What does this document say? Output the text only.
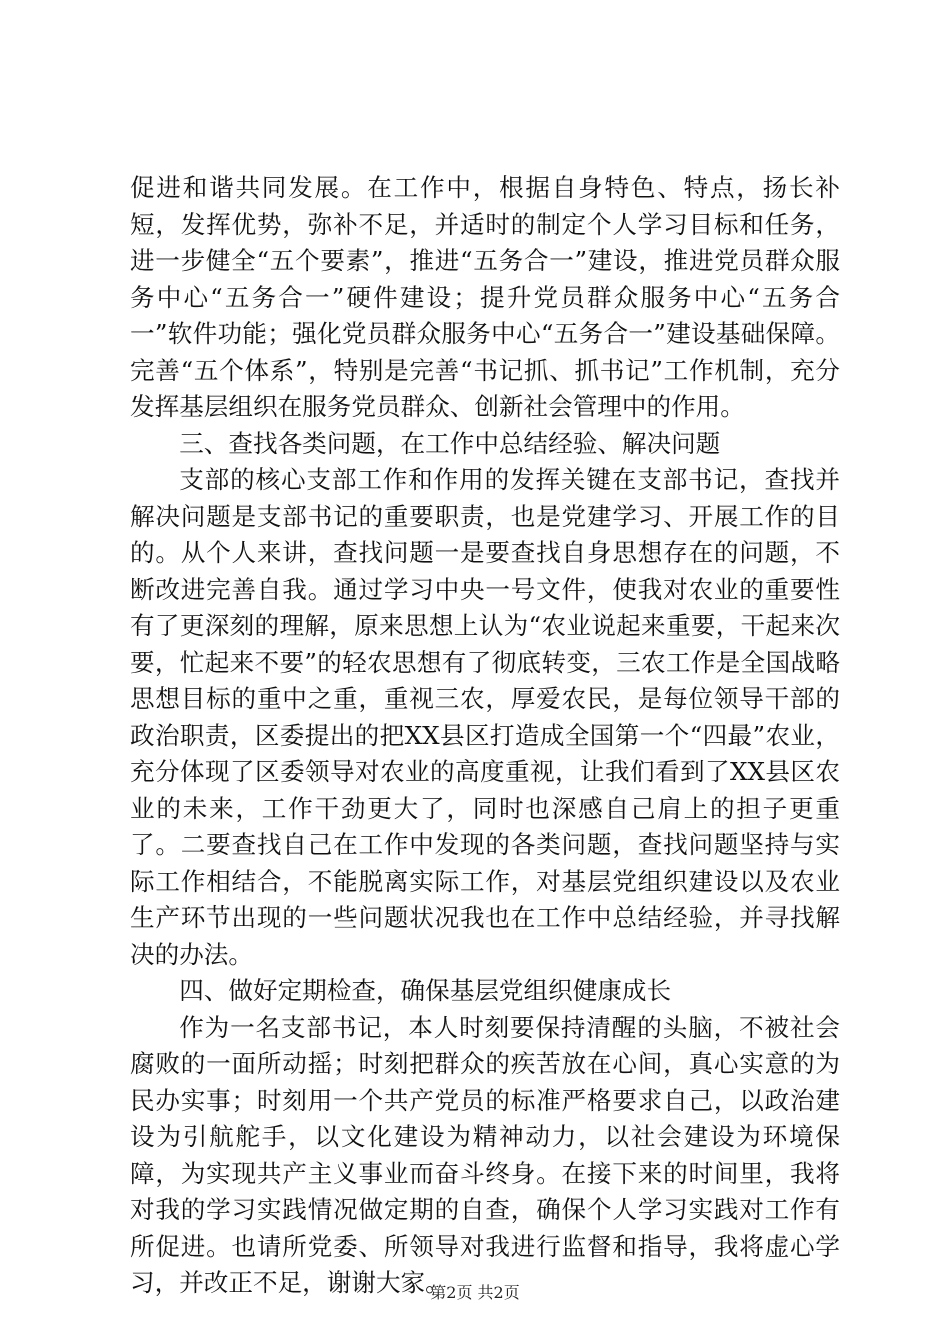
促进和谐共同发展。在工作中，根据自身特色、特点，扬长补短，发挥优势，弥补不足，并适时的制定个人学习目标和任务，进一步健全“五个要素”，推进“五务合一”建设，推进党员群众服务中心“五务合一”硬件建设；提升党员群众服务中心“五务合一”软件功能；强化党员群众服务中心“五务合一”建设基础保障。完善“五个体系”，特别是完善“书记抓、抓书记”工作机制，充分发挥基层组织在服务党员群众、创新社会管理中的作用。

三、查找各类问题，在工作中总结经验、解决问题

支部的核心支部工作和作用的发挥关键在支部书记，查找并解决问题是支部书记的重要职责，也是党建学习、开展工作的目的。从个人来讲，查找问题一是要查找自身思想存在的问题，不断改进完善自我。通过学习中央一号文件，使我对农业的重要性有了更深刻的理解，原来思想上认为“农业说起来重要，干起来次要，忙起来不要”的轻农思想有了彻底转变，三农工作是全国战略思想目标的重中之重，重视三农，厚爱农民，是每位领导干部的政治职责，区委提出的把XX县区打造成全国第一个“四最”农业，充分体现了区委领导对农业的高度重视，让我们看到了XX县区农业的未来，工作干劲更大了，同时也深感自己肩上的担子更重了。二要查找自己在工作中发现的各类问题，查找问题坚持与实际工作相结合，不能脱离实际工作，对基层党组织建设以及农业生产环节出现的一些问题状况我也在工作中总结经验，并寻找解决的办法。

四、做好定期检查，确保基层党组织健康成长

作为一名支部书记，本人时刻要保持清醒的头脑，不被社会腐败的一面所动摇；时刻把群众的疾苦放在心间，真心实意的为民办实事；时刻用一个共产党员的标准严格要求自己，以政治建设为引航舵手，以文化建设为精神动力，以社会建设为环境保障，为实现共产主义事业而奋斗终身。在接下来的时间里，我将对我的学习实践情况做定期的自查，确保个人学习实践对工作有所促进。也请所党委、所领导对我进行监督和指导，我将虚心学习，并改正不足，谢谢大家。

第2页 共2页
